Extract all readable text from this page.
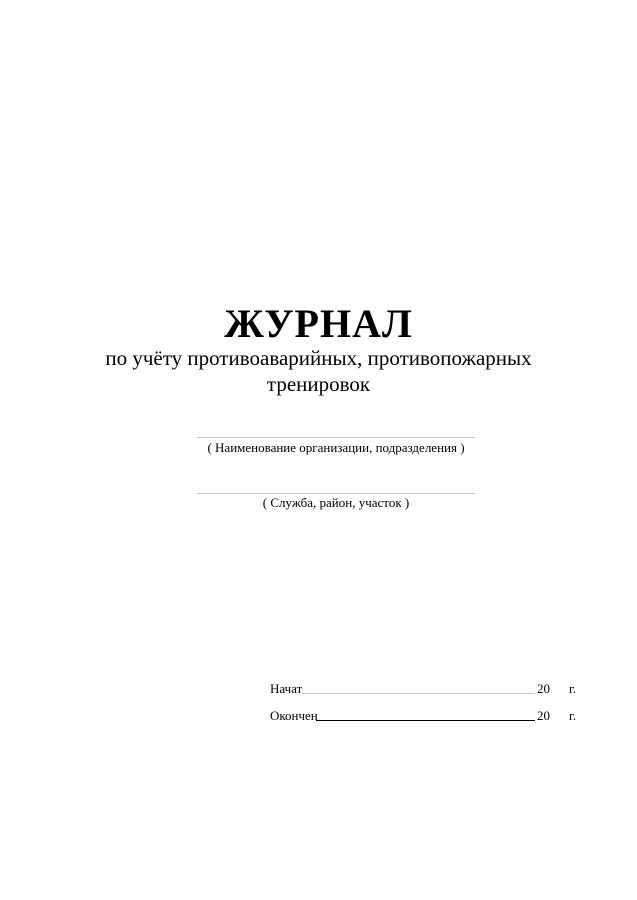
ЖУРНАЛ
по учёту противоаварийных, противопожарных
тренировок
( Наименование организации, подразделения )
( Служба, район, участок )
Начат	20 г.
Окончен	20 г.
